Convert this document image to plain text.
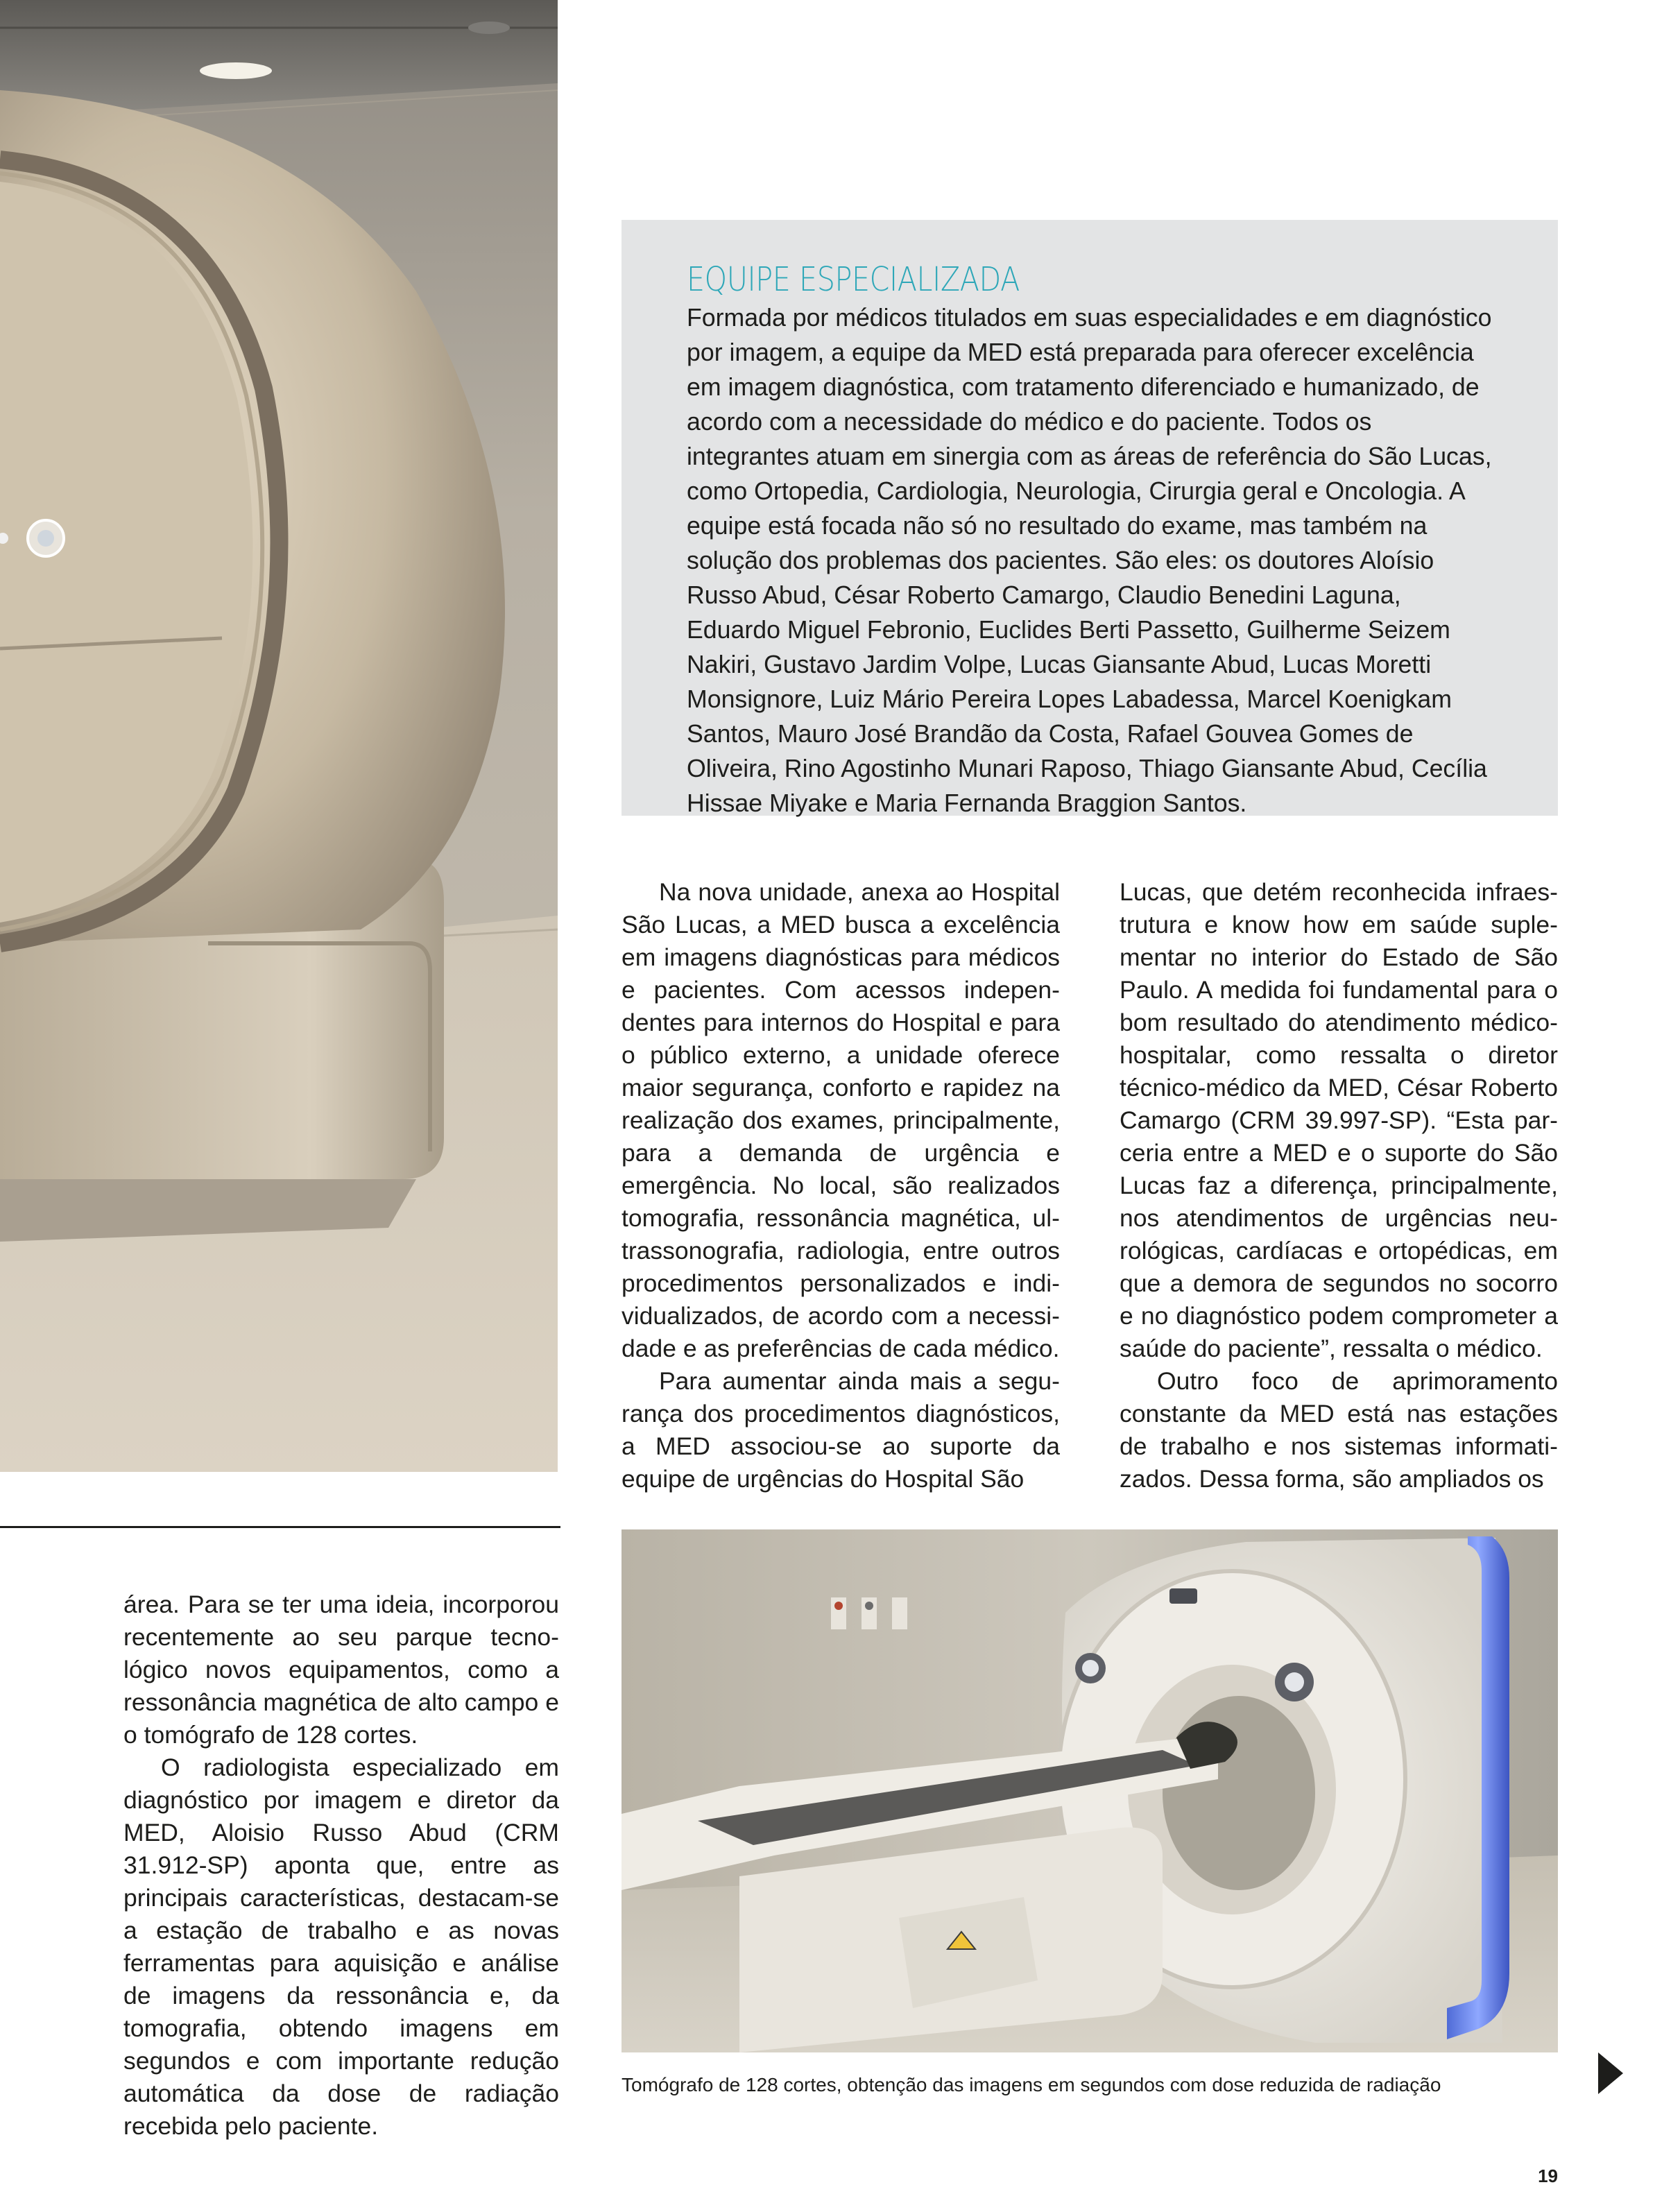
EQUIPE ESPECIALIZADA

Formada por médicos titulados em suas especialidades e em diagnóstico por imagem, a equipe da MED está preparada para oferecer excelência em imagem diagnóstica, com tratamento diferenciado e humanizado, de acordo com a necessidade do médico e do paciente. Todos os integrantes atuam em sinergia com as áreas de referência do São Lucas, como Ortopedia, Cardiologia, Neurologia, Cirurgia geral e Oncologia. A equipe está focada não só no resultado do exame, mas também na solução dos problemas dos pacientes. São eles: os doutores Aloísio Russo Abud, César Roberto Camargo, Claudio Benedini Laguna, Eduardo Miguel Febronio, Euclides Berti Passetto, Guilherme Seizem Nakiri, Gustavo Jardim Volpe, Lucas Giansante Abud, Lucas Moretti Monsignore, Luiz Mário Pereira Lopes Labadessa, Marcel Koenigkam Santos, Mauro José Brandão da Costa, Rafael Gouvea Gomes de Oliveira, Rino Agostinho Munari Raposo, Thiago Giansante Abud, Cecília Hissae Miyake e Maria Fernanda Braggion Santos.

Na nova unidade, anexa ao Hospital São Lucas, a MED busca a excelência em imagens diagnósticas para médicos e pacientes. Com acessos independentes para internos do Hospital e para o público externo, a unidade oferece maior segurança, conforto e rapidez na realização dos exames, principalmente, para a demanda de urgência e emergência. No local, são realizados tomografia, ressonância magnética, ultrassonografia, radiologia, entre outros procedimentos personalizados e individualizados, de acordo com a necessidade e as preferências de cada médico.

Para aumentar ainda mais a segurança dos procedimentos diagnósticos, a MED associou-se ao suporte da equipe de urgências do Hospital São

Lucas, que detém reconhecida infraestrutura e know how em saúde suplementar no interior do Estado de São Paulo. A medida foi fundamental para o bom resultado do atendimento médico-hospitalar, como ressalta o diretor técnico-médico da MED, César Roberto Camargo (CRM 39.997-SP). “Esta parceria entre a MED e o suporte do São Lucas faz a diferença, principalmente, nos atendimentos de urgências neurológicas, cardíacas e ortopédicas, em que a demora de segundos no socorro e no diagnóstico podem comprometer a saúde do paciente”, ressalta o médico.

Outro foco de aprimoramento constante da MED está nas estações de trabalho e nos sistemas informatizados. Dessa forma, são ampliados os

área. Para se ter uma ideia, incorporou recentemente ao seu parque tecnológico novos equipamentos, como a ressonância magnética de alto campo e o tomógrafo de 128 cortes.

O radiologista especializado em diagnóstico por imagem e diretor da MED, Aloisio Russo Abud (CRM 31.912-SP) aponta que, entre as principais características, destacam-se a estação de trabalho e as novas ferramentas para aquisição e análise de imagens da ressonância e, da tomografia, obtendo imagens em segundos e com importante redução automática da dose de radiação recebida pelo paciente.

Tomógrafo de 128 cortes, obtenção das imagens em segundos com dose reduzida de radiação

19
